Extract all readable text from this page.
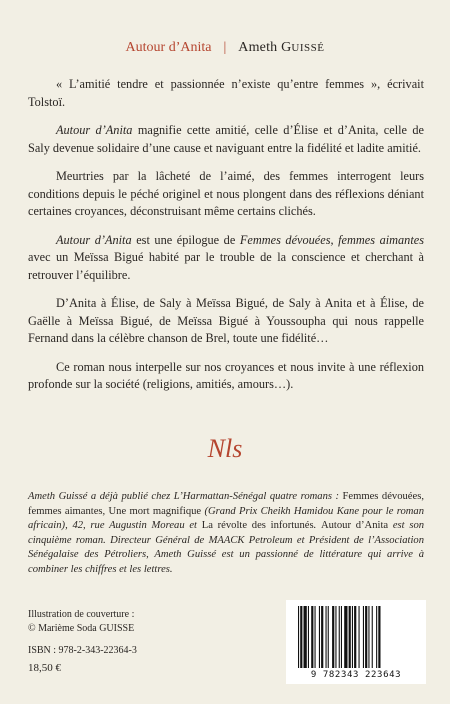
Autour d’Anita | Ameth GUISSÉ

« L’amitié tendre et passionnée n’existe qu’entre femmes », écrivait Tolstoï.

Autour d’Anita magnifie cette amitié, celle d’Élise et d’Anita, celle de Saly devenue solidaire d’une cause et naviguant entre la fidélité et ladite amitié.

Meurtries par la lâcheté de l’aimé, des femmes interrogent leurs conditions depuis le péché originel et nous plongent dans des réflexions déniant certaines croyances, déconstruisant même certains clichés.

Autour d’Anita est une épilogue de Femmes dévouées, femmes aimantes avec un Meïssa Bigué habité par le trouble de la conscience et cherchant à retrouver l’équilibre.

D’Anita à Élise, de Saly à Meïssa Bigué, de Saly à Anita et à Élise, de Gaëlle à Meïssa Bigué, de Meïssa Bigué à Youssoupha qui nous rappelle Fernand dans la célèbre chanson de Brel, toute une fidélité…

Ce roman nous interpelle sur nos croyances et nous invite à une réflexion profonde sur la société (religions, amitiés, amours…).

Nls

Ameth Guissé a déjà publié chez L’Harmattan-Sénégal quatre romans : Femmes dévouées, femmes aimantes, Une mort magnifique (Grand Prix Cheikh Hamidou Kane pour le roman africain), 42, rue Augustin Moreau et La révolte des infortunés. Autour d’Anita est son cinquième roman. Directeur Général de MAACK Petroleum et Président de l’Association Sénégalaise des Pétroliers, Ameth Guissé est un passionné de littérature qui arrive à combiner les chiffres et les lettres.

Illustration de couverture :

© Marième Soda GUISSE

ISBN : 978-2-343-22364-3
18,50 €
9 782343 223643
